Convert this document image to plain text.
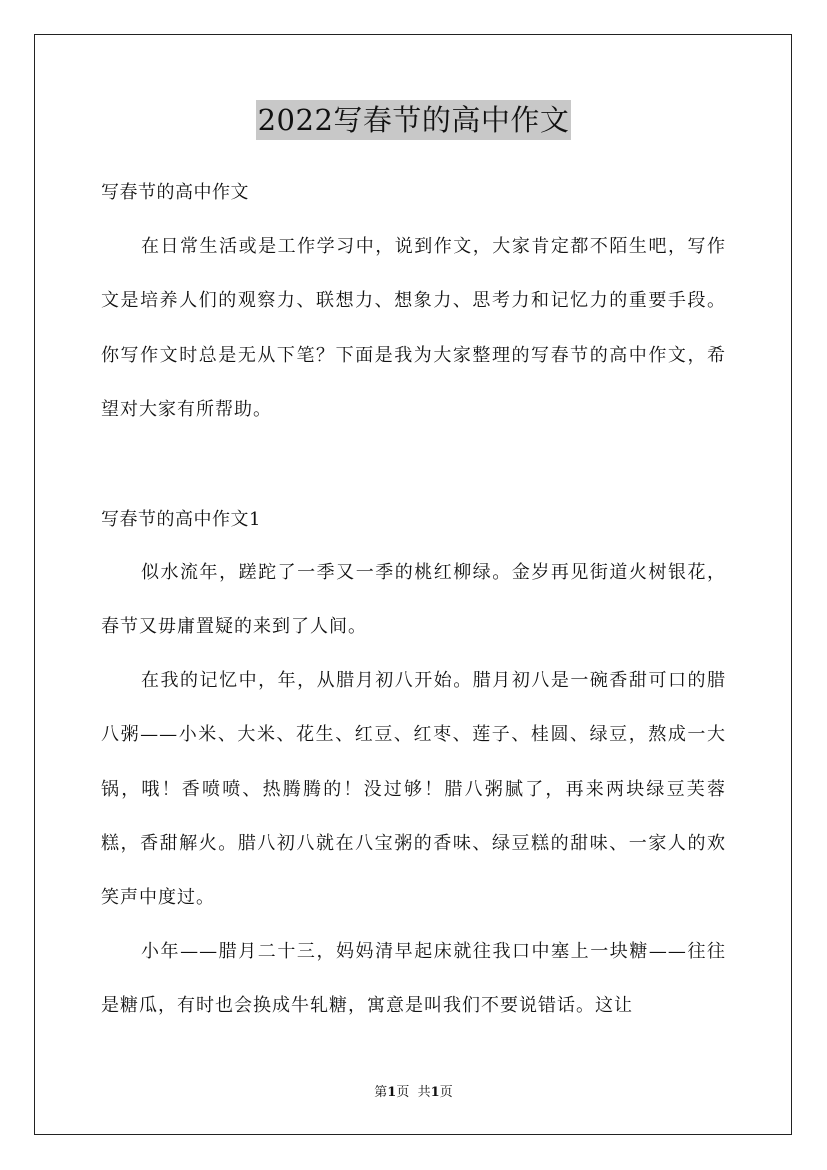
2022写春节的高中作文
写春节的高中作文

在日常生活或是工作学习中，说到作文，大家肯定都不陌生吧，写作文是培养人们的观察力、联想力、想象力、思考力和记忆力的重要手段。你写作文时总是无从下笔？下面是我为大家整理的写春节的高中作文，希望对大家有所帮助。

写春节的高中作文1

似水流年，蹉跎了一季又一季的桃红柳绿。金岁再见街道火树银花，春节又毋庸置疑的来到了人间。

在我的记忆中，年，从腊月初八开始。腊月初八是一碗香甜可口的腊八粥——小米、大米、花生、红豆、红枣、莲子、桂圆、绿豆，熬成一大锅，哦！香喷喷、热腾腾的！没过够！腊八粥腻了，再来两块绿豆芙蓉糕，香甜解火。腊八初八就在八宝粥的香味、绿豆糕的甜味、一家人的欢笑声中度过。

小年——腊月二十三，妈妈清早起床就往我口中塞上一块糖——往往是糖瓜，有时也会换成牛轧糖，寓意是叫我们不要说错话。这让

第1页 共1页
